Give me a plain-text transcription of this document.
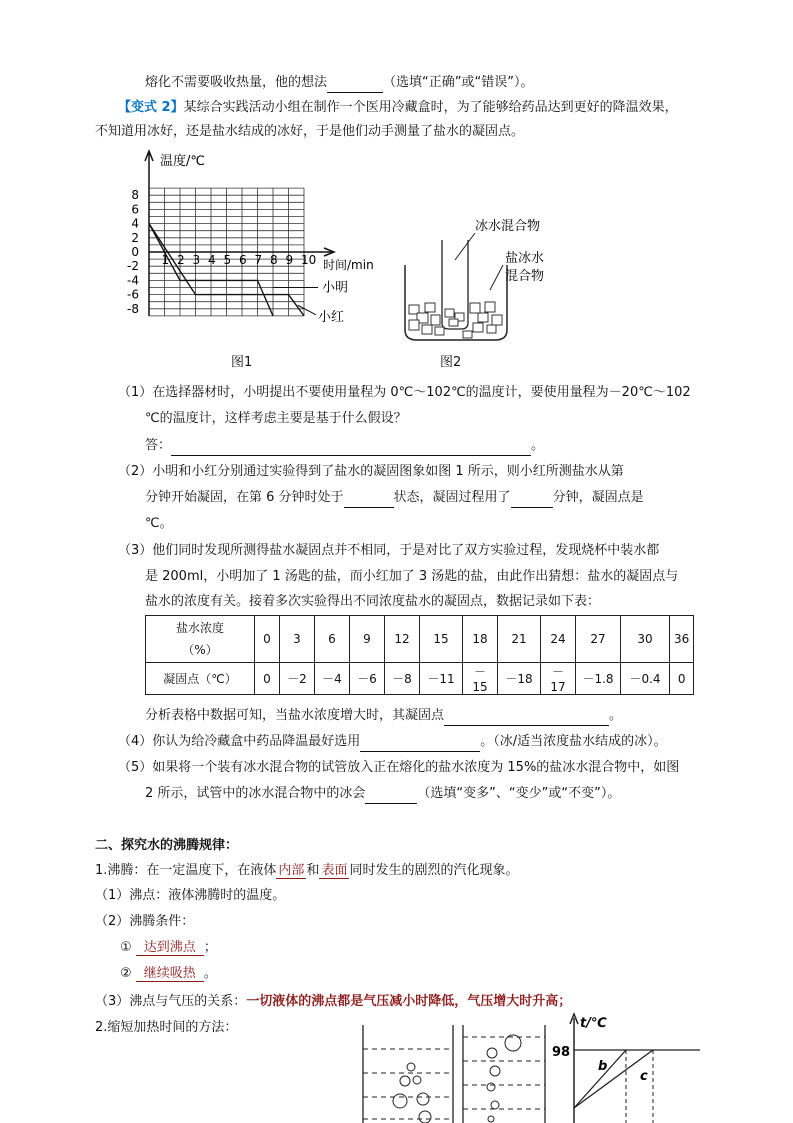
熔化不需要吸收热量，他的想法	（选填“正确”或“错误”）。
【变式 2】某综合实践活动小组在制作一个医用冷藏盒时，为了能够给药品达到更好的降温效果，
不知道用冰好，还是盐水结成的冰好，于是他们动手测量了盐水的凝固点。
1 2 3 4 5 6 7 8 9 10
8
6
4
2
0
-2
-4
-6
-8
温度/℃
时间/min
小明
小红
图1
冰水混合物
盐冰水
混合物
图2
（1）在选择器材时，小明提出不要使用量程为 0℃～102℃的温度计，要使用量程为－20℃～102
℃的温度计，这样考虑主要是基于什么假设？
答：	。
（2）小明和小红分别通过实验得到了盐水的凝固图象如图 1 所示，则小红所测盐水从第
分钟开始凝固，在第 6 分钟时处于	状态，凝固过程用了	分钟，凝固点是
℃。
（3）他们同时发现所测得盐水凝固点并不相同，于是对比了双方实验过程，发现烧杯中装水都
是 200ml，小明加了 1 汤匙的盐，而小红加了 3 汤匙的盐，由此作出猜想：盐水的凝固点与
盐水的浓度有关。接着多次实验得出不同浓度盐水的凝固点，数据记录如下表：
盐水浓度
（%）	0	3	6	9	12	15	18	21	24	27	30	36
凝固点（℃）	0	－2	－4	－6	－8	－11	－15	－18	－17	－1.8	－0.4	0
分析表格中数据可知，当盐水浓度增大时，其凝固点	。
（4）你认为给冷藏盒中药品降温最好选用	。（冰/适当浓度盐水结成的冰）。
（5）如果将一个装有冰水混合物的试管放入正在熔化的盐水浓度为 15%的盐冰水混合物中，如图
2 所示，试管中的冰水混合物中的冰会	（选填“变多”、“变少”或“不变”）。
二、探究水的沸腾规律：
1.沸腾：在一定温度下，在液体 内部 和 表面 同时发生的剧烈的汽化现象。
（1）沸点：液体沸腾时的温度。
（2）沸腾条件：
① 达到沸点 ；
② 继续吸热 。
（3）沸点与气压的关系：一切液体的沸点都是气压减小时降低，气压增大时升高；
2.缩短加热时间的方法：	t/℃
98
b
c
